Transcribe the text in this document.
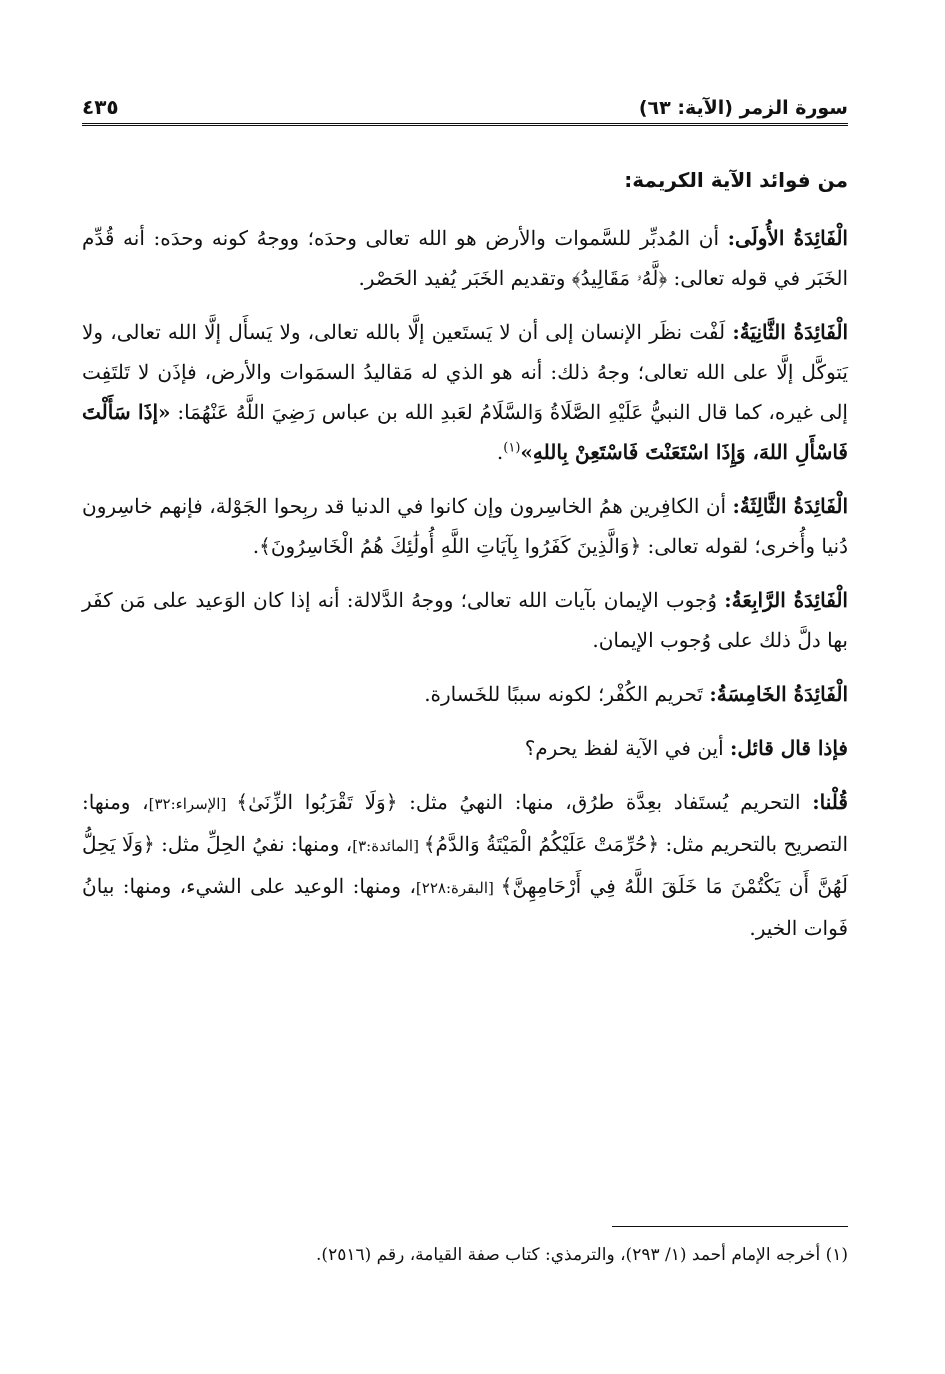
سورة الزمر (الآية: ٦٣)
٤٣٥

من فوائد الآية الكريمة:

الْفَائِدَةُ الأُولَى: أن المُدبِّر للسَّموات والأرض هو الله تعالى وحدَه؛ ووجهُ كونه وحدَه: أنه قُدِّم الخَبَر في قوله تعالى: ﴿لَّهُۥ مَقَالِيدُ﴾ وتقديم الخَبَر يُفيد الحَصْر.

الْفَائِدَةُ الثَّانِيَةُ: لَفْت نظَر الإنسان إلى أن لا يَستَعين إلَّا بالله تعالى، ولا يَسأَل إلَّا الله تعالى، ولا يَتوكَّل إلَّا على الله تعالى؛ وجهُ ذلك: أنه هو الذي له مَقاليدُ السمَوات والأرض، فإذَن لا تَلتَفِت إلى غيره، كما قال النبيُّ عَلَيْهِ الصَّلَاةُ وَالسَّلَامُ لعَبدِ الله بن عباس رَضِيَ اللَّهُ عَنْهُمَا: «إذَا سَأَلْتَ فَاسْأَلِ اللهَ، وَإِذَا اسْتَعَنْتَ فَاسْتَعِنْ بِاللهِ»$^{(١)}$.

الْفَائِدَةُ الثَّالِثَةُ: أن الكافِرين همُ الخاسِرون وإن كانوا في الدنيا قد ربِحوا الجَوْلة، فإنهم خاسِرون دُنيا وأُخرى؛ لقوله تعالى: ﴿وَالَّذِينَ كَفَرُوا بِآيَاتِ اللَّهِ أُولَٰئِكَ هُمُ الْخَاسِرُونَ﴾.

الْفَائِدَةُ الرَّابِعَةُ: وُجوب الإيمان بآيات الله تعالى؛ ووجهُ الدَّلالة: أنه إذا كان الوَعيد على مَن كفَر بها دلَّ ذلك على وُجوب الإيمان.

الْفَائِدَةُ الخَامِسَةُ: تَحريم الكُفْر؛ لكونه سببًا للخَسارة.

فإذا قال قائل: أين في الآية لفظ يحرم؟

قُلْنا: التحريم يُستَفاد بعِدَّة طرُق، منها: النهيُ مثل: ﴿وَلَا تَقْرَبُوا الزِّنَىٰ﴾ [الإسراء:٣٢]، ومنها: التصريح بالتحريم مثل: ﴿حُرِّمَتْ عَلَيْكُمُ الْمَيْتَةُ وَالدَّمُ﴾ [المائدة:٣]، ومنها: نفيُ الحِلِّ مثل: ﴿وَلَا يَحِلُّ لَهُنَّ أَن يَكْتُمْنَ مَا خَلَقَ اللَّهُ فِي أَرْحَامِهِنَّ﴾ [البقرة:٢٢٨]، ومنها: الوعيد على الشيء، ومنها: بيانُ فَوات الخير.

(١) أخرجه الإمام أحمد (١/ ٢٩٣)، والترمذي: كتاب صفة القيامة، رقم (٢٥١٦).
